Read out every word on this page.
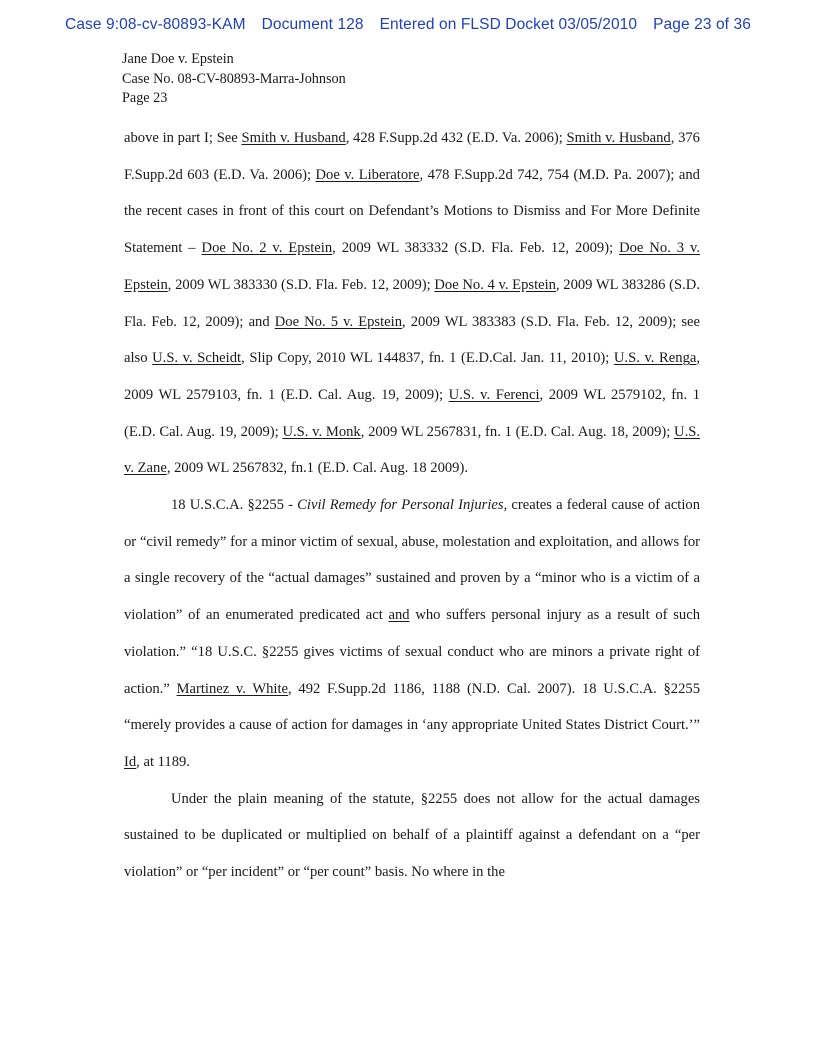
Case 9:08-cv-80893-KAM Document 128 Entered on FLSD Docket 03/05/2010 Page 23 of 36
Jane Doe v. Epstein
Case No. 08-CV-80893-Marra-Johnson
Page 23

above in part I; See Smith v. Husband, 428 F.Supp.2d 432 (E.D. Va. 2006); Smith v. Husband, 376 F.Supp.2d 603 (E.D. Va. 2006); Doe v. Liberatore, 478 F.Supp.2d 742, 754 (M.D. Pa. 2007); and the recent cases in front of this court on Defendant’s Motions to Dismiss and For More Definite Statement – Doe No. 2 v. Epstein, 2009 WL 383332 (S.D. Fla. Feb. 12, 2009); Doe No. 3 v. Epstein, 2009 WL 383330 (S.D. Fla. Feb. 12, 2009); Doe No. 4 v. Epstein, 2009 WL 383286 (S.D. Fla. Feb. 12, 2009); and Doe No. 5 v. Epstein, 2009 WL 383383 (S.D. Fla. Feb. 12, 2009); see also U.S. v. Scheidt, Slip Copy, 2010 WL 144837, fn. 1 (E.D.Cal. Jan. 11, 2010); U.S. v. Renga, 2009 WL 2579103, fn. 1 (E.D. Cal. Aug. 19, 2009); U.S. v. Ferenci, 2009 WL 2579102, fn. 1 (E.D. Cal. Aug. 19, 2009); U.S. v. Monk, 2009 WL 2567831, fn. 1 (E.D. Cal. Aug. 18, 2009); U.S. v. Zane, 2009 WL 2567832, fn.1 (E.D. Cal. Aug. 18 2009).

18 U.S.C.A. §2255 - Civil Remedy for Personal Injuries, creates a federal cause of action or “civil remedy” for a minor victim of sexual, abuse, molestation and exploitation, and allows for a single recovery of the “actual damages” sustained and proven by a “minor who is a victim of a violation” of an enumerated predicated act and who suffers personal injury as a result of such violation.” “18 U.S.C. §2255 gives victims of sexual conduct who are minors a private right of action.” Martinez v. White, 492 F.Supp.2d 1186, 1188 (N.D. Cal. 2007). 18 U.S.C.A. §2255 “merely provides a cause of action for damages in ‘any appropriate United States District Court.’” Id, at 1189.

Under the plain meaning of the statute, §2255 does not allow for the actual damages sustained to be duplicated or multiplied on behalf of a plaintiff against a defendant on a “per violation” or “per incident” or “per count” basis. No where in the
